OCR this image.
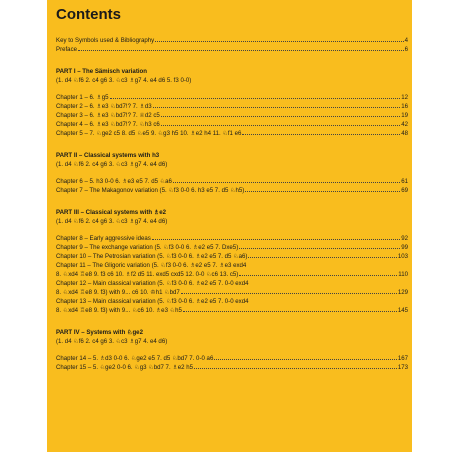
Contents
Key to Symbols used & Bibliography	4
Preface	6
PART I – The Sämisch variation
(1. d4 ♘f6 2. c4 g6 3. ♘c3 ♗g7 4. e4 d6 5. f3 0-0)
Chapter 1 – 6. ♗g5	12
Chapter 2 – 6. ♗e3 ♘bd7!? 7. ♗d3	16
Chapter 3 – 6. ♗e3 ♘bd7!? 7. ♕d2 c5	19
Chapter 4 – 6. ♗e3 ♘bd7!? 7. ♘h3 c6	42
Chapter 5 – 7. ♘ge2 c5 8. d5 ♘e5 9. ♘g3 h5 10. ♗e2 h4 11. ♘f1 e6	48
PART II – Classical systems with h3
(1. d4 ♘f6 2. c4 g6 3. ♘c3 ♗g7 4. e4 d6)
Chapter 6 – 5. h3 0-0 6. ♗e3 e5 7. d5 ♘a6	61
Chapter 7 – The Makagonov variation (5. ♘f3 0-0 6. h3 e5 7. d5 ♘h5)	69
PART III – Classical systems with ♗e2
(1. d4 ♘f6 2. c4 g6 3. ♘c3 ♗g7 4. e4 d6)
Chapter 8 – Early aggressive ideas	92
Chapter 9 – The exchange variation (5. ♘f3 0-0 6. ♗e2 e5 7. Dxe5)	99
Chapter 10 – The Petrosian variation (5. ♘f3 0-0 6. ♗e2 e5 7. d5 ♘a6)	103
Chapter 11 – The Gligoric variation (5. ♘f3 0-0 6. ♗e2 e5 7. ♗e3 exd4
8. ♘xd4 ♖e8 9. f3 c6 10. ♗f2 d5 11. exd5 cxd5 12. 0-0 ♘c6 13. c5)	110
Chapter 12 – Main classical variation (5. ♘f3 0-0 6. ♗e2 e5 7. 0-0 exd4
8. ♘xd4 ♖e8 9. f3) with 9... c6 10. ♔h1 ♘bd7	129
Chapter 13 – Main classical variation (5. ♘f3 0-0 6. ♗e2 e5 7. 0-0 exd4
8. ♘xd4 ♖e8 9. f3) with 9... ♘c6 10. ♗e3 ♘h5	145
PART IV – Systems with ♘ge2
(1. d4 ♘f6 2. c4 g6 3. ♘c3 ♗g7 4. e4 d6)
Chapter 14 – 5. ♗d3 0-0 6. ♘ge2 e5 7. d5 ♘bd7 7. 0-0 a6	167
Chapter 15 – 5. ♘ge2 0-0 6. ♘g3 ♘bd7 7. ♗e2 h5	173
